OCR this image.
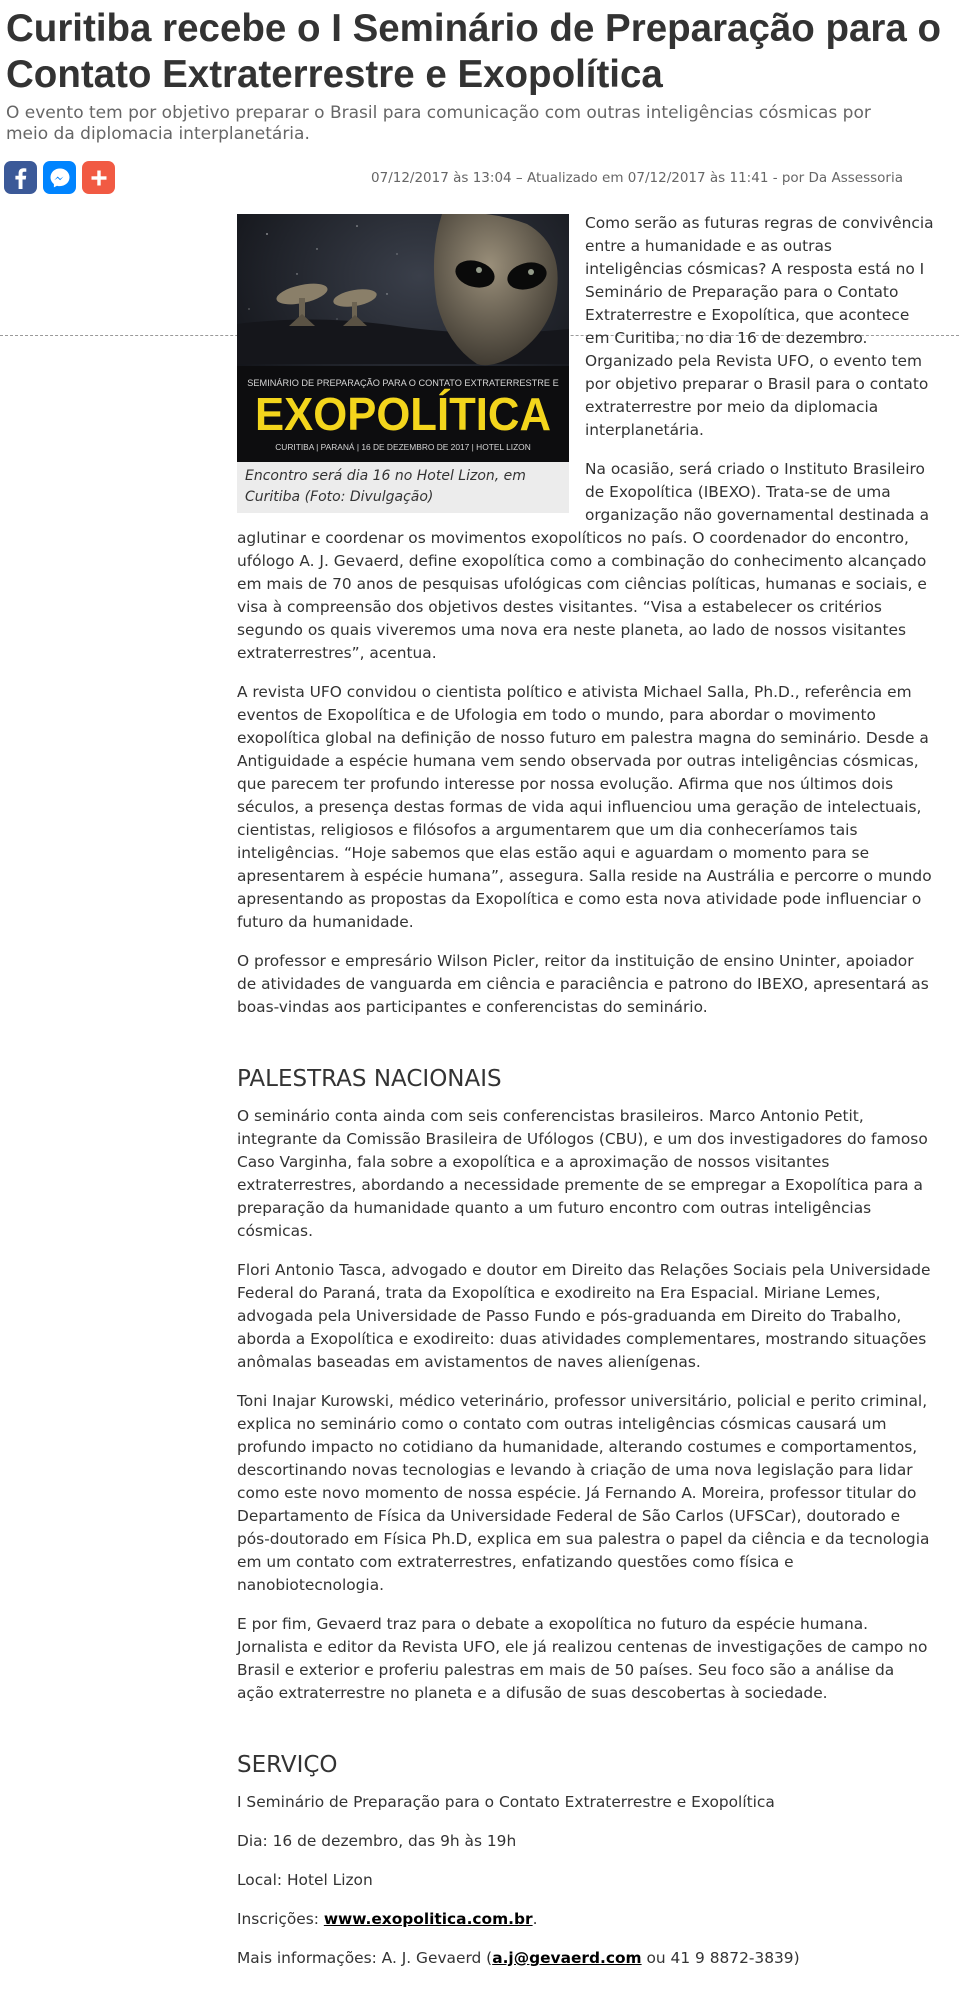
Curitiba recebe o I Seminário de Preparação para o Contato Extraterrestre e Exopolítica

O evento tem por objetivo preparar o Brasil para comunicação com outras inteligências cósmicas por meio da diplomacia interplanetária.

07/12/2017 às 13:04 – Atualizado em 07/12/2017 às 11:41 - por Da Assessoria

SEMINÁRIO DE PREPARAÇÃO PARA O CONTATO EXTRATERRESTRE E
EXOPOLÍTICA
CURITIBA | PARANÁ | 16 DE DEZEMBRO DE 2017 | HOTEL LIZON
Encontro será dia 16 no Hotel Lizon, em Curitiba (Foto: Divulgação)

Como serão as futuras regras de convivência entre a humanidade e as outras inteligências cósmicas? A resposta está no I Seminário de Preparação para o Contato Extraterrestre e Exopolítica, que acontece em Curitiba, no dia 16 de dezembro. Organizado pela Revista UFO, o evento tem por objetivo preparar o Brasil para o contato extraterrestre por meio da diplomacia interplanetária.

Na ocasião, será criado o Instituto Brasileiro de Exopolítica (IBEXO). Trata-se de uma organização não governamental destinada a aglutinar e coordenar os movimentos exopolíticos no país. O coordenador do encontro, ufólogo A. J. Gevaerd, define exopolítica como a combinação do conhecimento alcançado em mais de 70 anos de pesquisas ufológicas com ciências políticas, humanas e sociais, e visa à compreensão dos objetivos destes visitantes. “Visa a estabelecer os critérios segundo os quais viveremos uma nova era neste planeta, ao lado de nossos visitantes extraterrestres”, acentua.

A revista UFO convidou o cientista político e ativista Michael Salla, Ph.D., referência em eventos de Exopolítica e de Ufologia em todo o mundo, para abordar o movimento exopolítica global na definição de nosso futuro em palestra magna do seminário. Desde a Antiguidade a espécie humana vem sendo observada por outras inteligências cósmicas, que parecem ter profundo interesse por nossa evolução. Afirma que nos últimos dois séculos, a presença destas formas de vida aqui influenciou uma geração de intelectuais, cientistas, religiosos e filósofos a argumentarem que um dia conheceríamos tais inteligências. “Hoje sabemos que elas estão aqui e aguardam o momento para se apresentarem à espécie humana”, assegura. Salla reside na Austrália e percorre o mundo apresentando as propostas da Exopolítica e como esta nova atividade pode influenciar o futuro da humanidade.

O professor e empresário Wilson Picler, reitor da instituição de ensino Uninter, apoiador de atividades de vanguarda em ciência e paraciência e patrono do IBEXO, apresentará as boas-vindas aos participantes e conferencistas do seminário.

PALESTRAS NACIONAIS

O seminário conta ainda com seis conferencistas brasileiros. Marco Antonio Petit, integrante da Comissão Brasileira de Ufólogos (CBU), e um dos investigadores do famoso Caso Varginha, fala sobre a exopolítica e a aproximação de nossos visitantes extraterrestres, abordando a necessidade premente de se empregar a Exopolítica para a preparação da humanidade quanto a um futuro encontro com outras inteligências cósmicas.

Flori Antonio Tasca, advogado e doutor em Direito das Relações Sociais pela Universidade Federal do Paraná, trata da Exopolítica e exodireito na Era Espacial. Miriane Lemes, advogada pela Universidade de Passo Fundo e pós-graduanda em Direito do Trabalho, aborda a Exopolítica e exodireito: duas atividades complementares, mostrando situações anômalas baseadas em avistamentos de naves alienígenas.

Toni Inajar Kurowski, médico veterinário, professor universitário, policial e perito criminal, explica no seminário como o contato com outras inteligências cósmicas causará um profundo impacto no cotidiano da humanidade, alterando costumes e comportamentos, descortinando novas tecnologias e levando à criação de uma nova legislação para lidar como este novo momento de nossa espécie. Já Fernando A. Moreira, professor titular do Departamento de Física da Universidade Federal de São Carlos (UFSCar), doutorado e pós-doutorado em Física Ph.D, explica em sua palestra o papel da ciência e da tecnologia em um contato com extraterrestres, enfatizando questões como física e nanobiotecnologia.

E por fim, Gevaerd traz para o debate a exopolítica no futuro da espécie humana. Jornalista e editor da Revista UFO, ele já realizou centenas de investigações de campo no Brasil e exterior e proferiu palestras em mais de 50 países. Seu foco são a análise da ação extraterrestre no planeta e a difusão de suas descobertas à sociedade.

SERVIÇO

I Seminário de Preparação para o Contato Extraterrestre e Exopolítica

Dia: 16 de dezembro, das 9h às 19h

Local: Hotel Lizon

Inscrições: www.exopolitica.com.br.

Mais informações: A. J. Gevaerd (a.j@gevaerd.com ou 41 9 8872-3839)
